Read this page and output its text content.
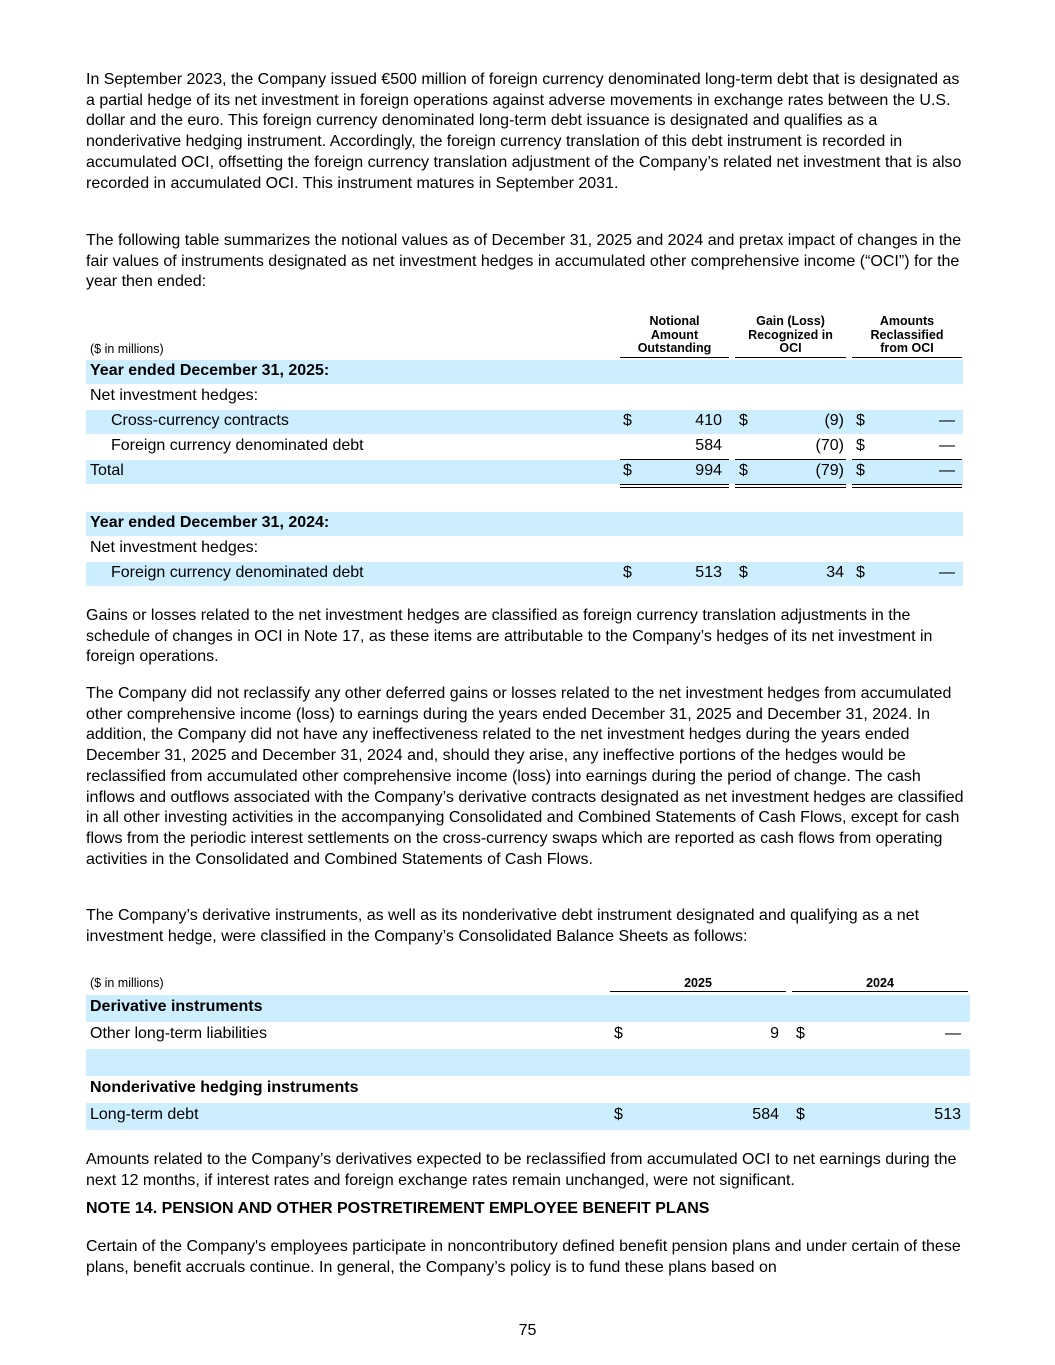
In September 2023, the Company issued €500 million of foreign currency denominated long-term debt that is designated as a partial hedge of its net investment in foreign operations against adverse movements in exchange rates between the U.S. dollar and the euro. This foreign currency denominated long-term debt issuance is designated and qualifies as a nonderivative hedging instrument. Accordingly, the foreign currency translation of this debt instrument is recorded in accumulated OCI, offsetting the foreign currency translation adjustment of the Company’s related net investment that is also recorded in accumulated OCI. This instrument matures in September 2031.

The following table summarizes the notional values as of December 31, 2025 and 2024 and pretax impact of changes in the fair values of instruments designated as net investment hedges in accumulated other comprehensive income (“OCI”) for the year then ended:

($ in millions)
Notional
Amount
Outstanding
Gain (Loss)
Recognized in
OCI
Amounts
Reclassified
from OCI
Year ended December 31, 2025:
Net investment hedges:
Cross-currency contracts	$	410 $	(9) $	—
Foreign currency denominated debt	584	(70) $	—
Total	$	994 $	(79) $	—
Year ended December 31, 2024:
Net investment hedges:
Foreign currency denominated debt	$	513 $	34 $	—

Gains or losses related to the net investment hedges are classified as foreign currency translation adjustments in the schedule of changes in OCI in Note 17, as these items are attributable to the Company’s hedges of its net investment in foreign operations.

The Company did not reclassify any other deferred gains or losses related to the net investment hedges from accumulated other comprehensive income (loss) to earnings during the years ended December 31, 2025 and December 31, 2024. In addition, the Company did not have any ineffectiveness related to the net investment hedges during the years ended December 31, 2025 and December 31, 2024 and, should they arise, any ineffective portions of the hedges would be reclassified from accumulated other comprehensive income (loss) into earnings during the period of change. The cash inflows and outflows associated with the Company’s derivative contracts designated as net investment hedges are classified in all other investing activities in the accompanying Consolidated and Combined Statements of Cash Flows, except for cash flows from the periodic interest settlements on the cross-currency swaps which are reported as cash flows from operating activities in the Consolidated and Combined Statements of Cash Flows.

The Company’s derivative instruments, as well as its nonderivative debt instrument designated and qualifying as a net investment hedge, were classified in the Company’s Consolidated Balance Sheets as follows:

($ in millions)	2025	2024
Derivative instruments
Other long-term liabilities	$	9 $	—
Nonderivative hedging instruments
Long-term debt	$	584 $	513

Amounts related to the Company’s derivatives expected to be reclassified from accumulated OCI to net earnings during the next 12 months, if interest rates and foreign exchange rates remain unchanged, were not significant.

NOTE 14. PENSION AND OTHER POSTRETIREMENT EMPLOYEE BENEFIT PLANS

Certain of the Company's employees participate in noncontributory defined benefit pension plans and under certain of these plans, benefit accruals continue. In general, the Company’s policy is to fund these plans based on

75
